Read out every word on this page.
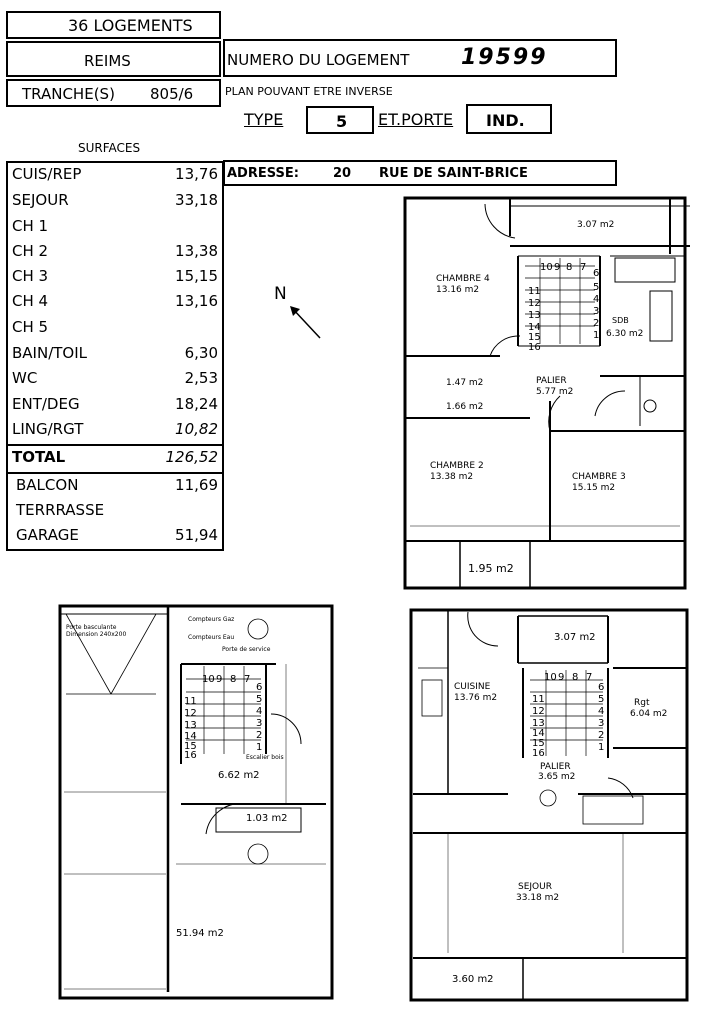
36 LOGEMENTS
REIMS	NUMERO DU LOGEMENT 19599
TRANCHE(S) 805/6	PLAN POUVANT ETRE INVERSE
TYPE	5 ET.PORTE IND.
SURFACES
CUIS/REP	13,76
SEJOUR	33,18
CH 1
CH 2	13,38
CH 3	15,15
CH 4	13,16
CH 5
BAIN/TOIL	6,30
WC	2,53
ENT/DEG	18,24
LING/RGT	10,82
TOTAL	126,52
BALCON	11,69
TERRRASSE
GARAGE	51,94
ADRESSE:	20 RUE DE SAINT-BRICE
N
10 9 8 7
6
5
4
3
2
1
11
12
13
14
15
16
3.07 m2
CHAMBRE 4
13.16 m2
SDB
6.30 m2
1.47 m2	PALIER
5.77 m2
1.66 m2
CHAMBRE 2
13.38 m2	CHAMBRE 3
15.15 m2
1.95 m2
Porte basculante Dimension 240x200
Compteurs Gaz
Compteurs Eau
Escalier bois
Porte de service
10 9 8 7
6
5
4
3
2
1
11
12
13
14
15
16
6.62 m2
1.03 m2
51.94 m2
3.07 m2
10 9 8 7
6
5
4
3
2
1
11
12
13
14
15
16
CUISINE
13.76 m2	Rgt
6.04 m2
PALIER
3.65 m2
SEJOUR
33.18 m2
3.60 m2
